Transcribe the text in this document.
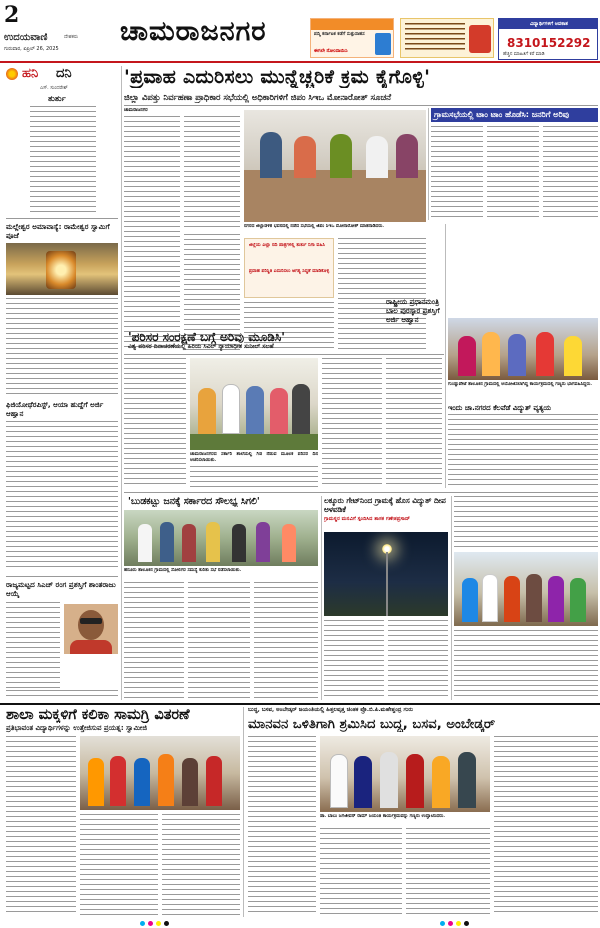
2
ಉದಯವಾಣಿ	ದೇಶಕರು
ಗುರುವಾರ, ಏಪ್ರಿಲ್ 26, 2025
ಚಾಮರಾಜನಗರ	ಪದ್ಮಿ ಕರ್ನಾಟಕ ಕಡೆಗೆ ಸುತ್ತುಸಾಹಸ
ಈಗಲೇ ನೋಂದಾಯಿಸಿ
ವಿದ್ಯಾರ್ಥಿಗಳಿಗೆ ಅವಕಾಶ
8310152292
ಹೆಚ್ಚಿನ ಮಾಹಿತಿಗೆ ಕರೆ ಮಾಡಿ
ಹನಿ ದನಿ
ಎಸ್. ಸುಂದರೇಶ್
ತುರ್ತು
ಮಲ್ಲೇಶ್ವರ ಅಮಾವಾಸ್ಯೆ: ರಾಮೇಶ್ವರ ಸ್ವಾಮಿಗೆ ಪೂಜೆ
ಫಿಜಿಯೋಥೆರಪಿಸ್ಟ್, ಆಯಾ ಹುದ್ದೆಗೆ ಅರ್ಜಿ ಆಹ್ವಾನ
ರಾಜ್ಯಮಟ್ಟದ ಸಿಎಚ್ ರಂಗ ಪ್ರಶಸ್ತಿಗೆ ಶಾಂತರಾಜು ಆಯ್ಕೆ
'ಪ್ರವಾಹ ಎದುರಿಸಲು ಮುನ್ನೆಚ್ಚರಿಕೆ ಕ್ರಮ ಕೈಗೊಳ್ಳಿ'
ಜಿಲ್ಲಾ ವಿಪತ್ತು ನಿರ್ವಹಣಾ ಪ್ರಾಧಿಕಾರ ಸಭೆಯಲ್ಲಿ ಅಧಿಕಾರಿಗಳಿಗೆ ಜಿಪಂ ಸಿಇಒ ಮೋನಾರೋತ್ ಸೂಚನೆ
ಚಾಮರಾಜನಗರ
ನಗರದ ಜಿಲ್ಲಾಡಳಿತ ಭವನದಲ್ಲಿ ನಡೆದ ಸಭೆಯಲ್ಲಿ ಜಿಪಂ ಸಿಇಒ ಮೋನಾರೋತ್ ಮಾತನಾಡಿದರು.
ಜಿಲ್ಲೆಯ ಎಲ್ಲಾ ನದಿ ಪಾತ್ರಗಳಲ್ಲಿ ತುರ್ತು ನಿಗಾ ವಹಿಸಿ
ಪ್ರವಾಹ ಪರಿಸ್ಥಿತಿ ಎದುರಿಸಲು ಅಗತ್ಯ ಸಿದ್ಧತೆ ಮಾಡಿಕೊಳ್ಳಿ
ಗ್ರಾಮಸಭೆಯಲ್ಲಿ ಟಾಂ ಟಾಂ ಹೊಡೆಸಿ: ಜನರಿಗೆ ಅರಿವು
'ಪರಿಸರ ಸಂರಕ್ಷಣೆ ಬಗ್ಗೆ ಅರಿವು ಮೂಡಿಸಿ'
ವಿಶ್ವ ಪರಿಸರ ದಿನಾಚರಣೆಯಲ್ಲಿ ಹಿರಿಯ ಸಿವಿಲ್ ನ್ಯಾಯಾಧೀಶ ಸುನೀಲ್ ಸಲಹೆ
ಚಾಮರಾಜನಗರದ ಸರ್ಕಾರಿ ಶಾಲೆಯಲ್ಲಿ ಗಿಡ ನೆಡುವ ಮೂಲಕ ಪರಿಸರ ದಿನ ಆಚರಿಸಲಾಯಿತು.
ರಾಷ್ಟ್ರೀಯ ಪ್ರಧಾನಮಂತ್ರಿ ಬಾಲ ಪುರಸ್ಕಾರ ಪ್ರಶಸ್ತಿಗೆ ಅರ್ಜಿ ಆಹ್ವಾನ
ಗುಂಡ್ಲುಪೇಟೆ ತಾಲೂಕಿನ ಗ್ರಾಮದಲ್ಲಿ ಆಯೋಜಿಸಲಾಗಿದ್ದ ಕಾರ್ಯಕ್ರಮದಲ್ಲಿ ಗಣ್ಯರು ಭಾಗವಹಿಸಿದ್ದರು.
ಇಂದು ಚಾ.ನಗರದ ಕೆಲವೆಡೆ ವಿದ್ಯುತ್ ವ್ಯತ್ಯಯ
'ಬುಡಕಟ್ಟು ಜನಕ್ಕೆ ಸರ್ಕಾರದ ಸೌಲಭ್ಯ ಸಿಗಲಿ'
ಹನೂರು ತಾಲೂಕಿನ ಗ್ರಾಮದಲ್ಲಿ ಸೋಲಿಗರ ಸಮಸ್ಯೆ ಕುರಿತು ಸಭೆ ನಡೆಸಲಾಯಿತು.
ಲಕ್ಕೂರು ಗೇಟ್‌ನಿಂದ ಗ್ರಾಮಕ್ಕೆ ಹೊಸ ವಿದ್ಯುತ್ ದೀಪ ಅಳವಡಿಕೆ
ಗ್ರಾಮಸ್ಥರ ಮನವಿಗೆ ಸ್ಪಂದಿಸಿದ ಶಾಸಕ ಗಣೇಶಪ್ರಸಾದ್
ಶಾಲಾ ಮಕ್ಕಳಿಗೆ ಕಲಿಕಾ ಸಾಮಗ್ರಿ ವಿತರಣೆ
ಪ್ರತಿಭಾವಂತ ವಿದ್ಯಾರ್ಥಿಗಳನ್ನು ಉತ್ತೇಜಿಸುವ ಪ್ರಯತ್ನ: ಸ್ವಾಮೀಜಿ
ಬುದ್ಧ, ಬಸವ, ಅಂಬೇಡ್ಕರ್ ಜಯಂತಿಯಲ್ಲಿ ಹಿತ್ತಲವೃತ್ತ ಚಿಂತಕ ಪ್ರೊ.ಬಿ.ಪಿ.ಮಹೇಶ್ಚಂದ್ರ ಗುರು
ಮಾನವನ ಒಳಿತಿಗಾಗಿ ಶ್ರಮಿಸಿದ ಬುದ್ಧ, ಬಸವ, ಅಂಬೇಡ್ಕರ್
ಡಾ. ಬಾಬು ಜಗಜೀವನ್ ರಾಮ್ ಜಯಂತಿ ಕಾರ್ಯಕ್ರಮವನ್ನು ಗಣ್ಯರು ಉದ್ಘಾಟಿಸಿದರು.
